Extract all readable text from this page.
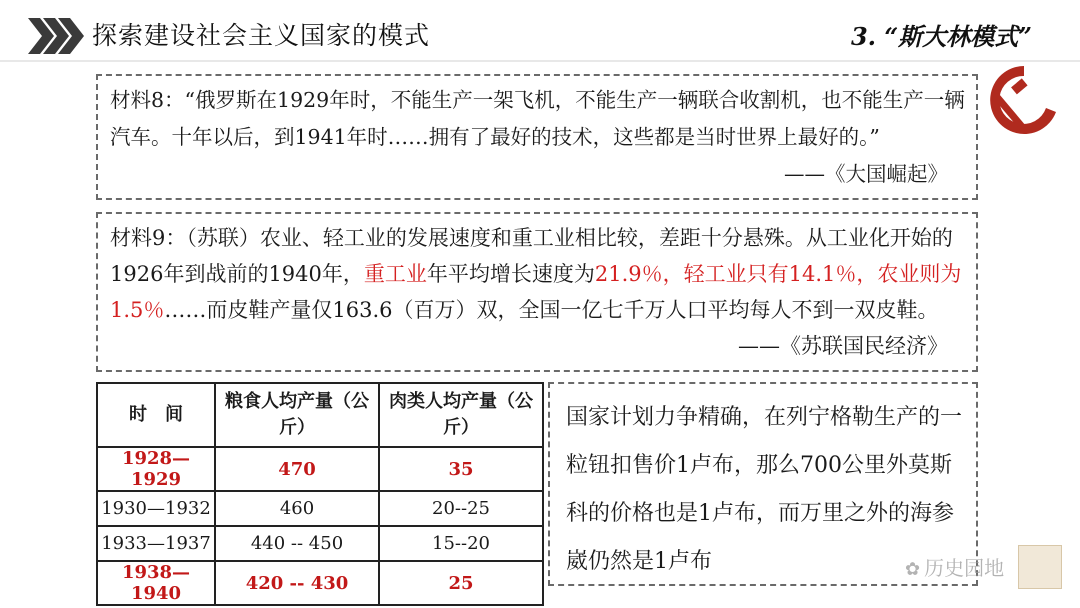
探索建设社会主义国家的模式	3. “斯大林模式”
材料8：“俄罗斯在1929年时，不能生产一架飞机，不能生产一辆联合收割机，也不能生产一辆汽车。十年以后，到1941年时……拥有了最好的技术，这些都是当时世界上最好的。”
——《大国崛起》
材料9：（苏联）农业、轻工业的发展速度和重工业相比较，差距十分悬殊。从工业化开始的1926年到战前的1940年，重工业年平均增长速度为21.9％，轻工业只有14.1％，农业则为1.5％……而皮鞋产量仅163.6（百万）双，全国一亿七千万人口平均每人不到一双皮鞋。
——《苏联国民经济》
时　间	粮食人均产量（公斤）	肉类人均产量（公斤）
1928—1929	470	35
1930—1932	460	20--25
1933—1937	440 -- 450	15--20
1938—1940	420 -- 430	25
国家计划力争精确，在列宁格勒生产的一粒钮扣售价1卢布，那么700公里外莫斯科的价格也是1卢布，而万里之外的海参崴仍然是1卢布	✿ 历史园地
